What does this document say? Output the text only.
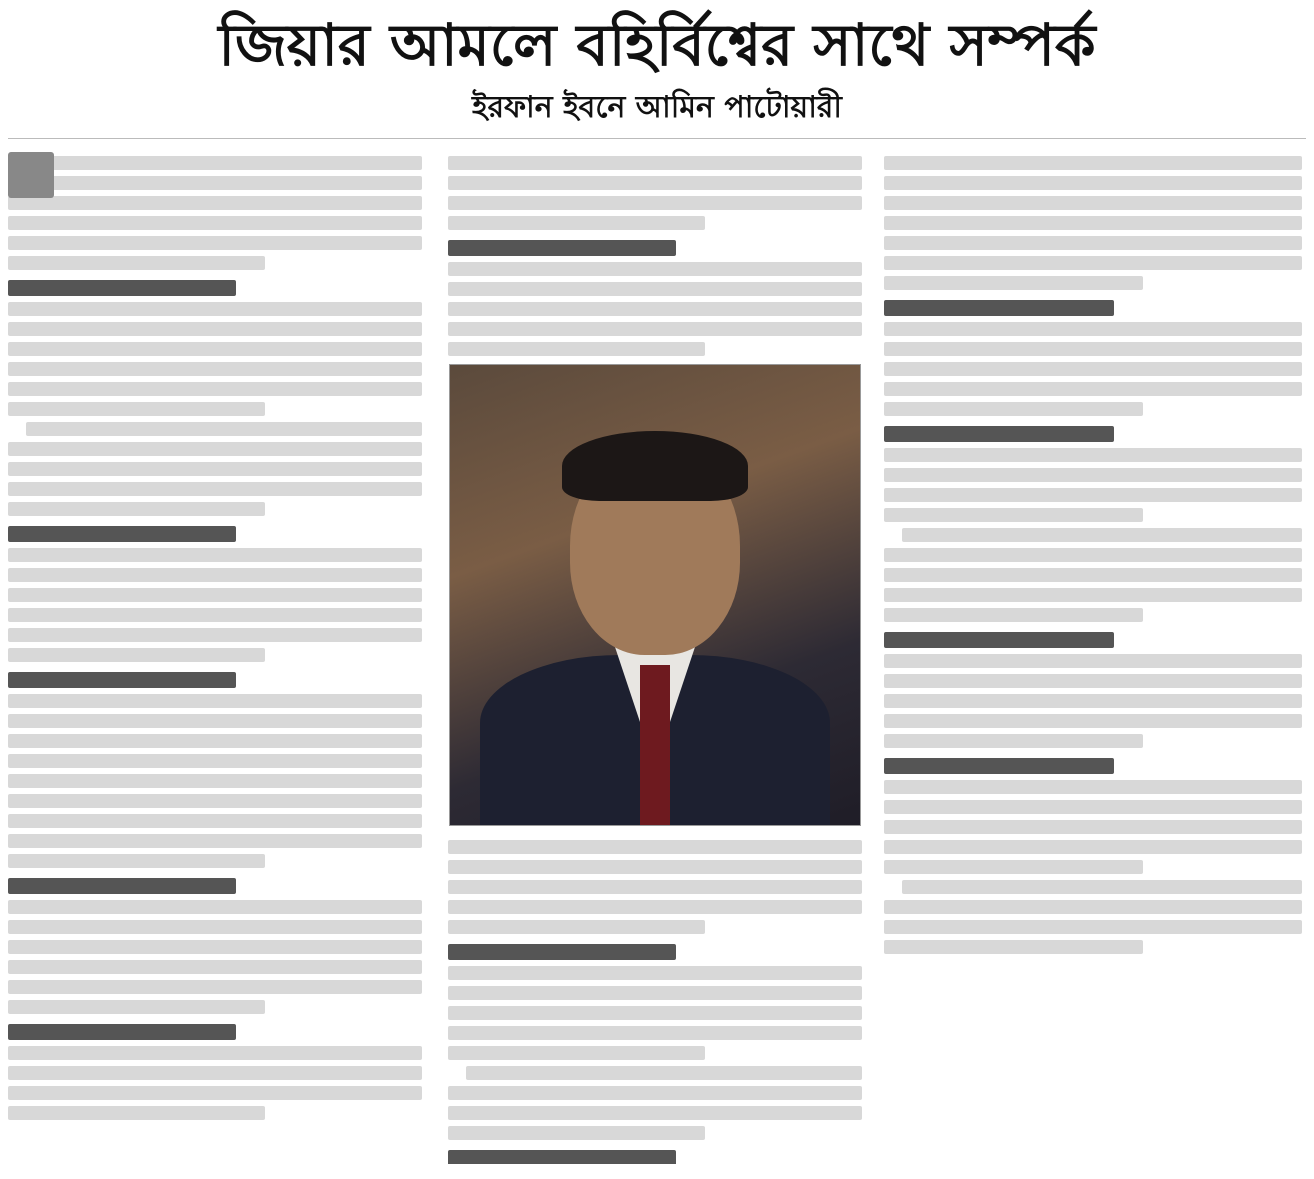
জিয়ার আমলে বহির্বিশ্বের সাথে সম্পর্ক
ইরফান ইবনে আমিন পাটোয়ারী
